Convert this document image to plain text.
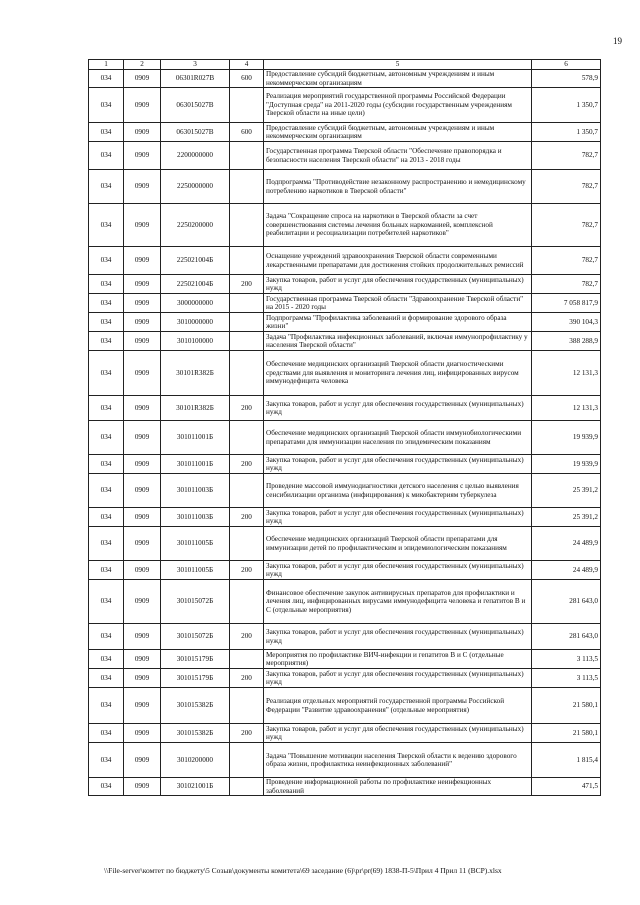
19
1	2	3	4	5	6
034	0909	06301R027В	600	Предоставление субсидий бюджетным, автономным учреждениям и иным некоммерческим организациям	578,9
034	0909	063015027В		Реализация мероприятий государственной программы Российской Федерации "Доступная среда" на 2011-2020 годы (субсидии государственным учреждениям Тверской области на иные цели)	1 350,7
034	0909	063015027В	600	Предоставление субсидий бюджетным, автономным учреждениям и иным некоммерческим организациям	1 350,7
034	0909	2200000000		Государственная программа Тверской области "Обеспечение правопорядка и безопасности населения Тверской области" на 2013 - 2018 годы	782,7
034	0909	2250000000		Подпрограмма "Противодействие незаконному распространению и немедицинскому потреблению наркотиков в Тверской области"	782,7
034	0909	2250200000		Задача "Сокращение спроса на наркотики в Тверской области за счет совершенствования системы лечения больных наркоманией, комплексной реабилитации и ресоциализации потребителей наркотиков"	782,7
034	0909	225021004Б		Оснащение учреждений здравоохранения Тверской области современными лекарственными препаратами для достижения стойких продолжительных ремиссий	782,7
034	0909	225021004Б	200	Закупка товаров, работ и услуг для обеспечения государственных (муниципальных) нужд	782,7
034	0909	3000000000		Государственная программа Тверской области "Здравоохранение Тверской области" на 2015 - 2020 годы	7 058 817,9
034	0909	3010000000		Подпрограмма "Профилактика заболеваний и формирование здорового образа жизни"	390 104,3
034	0909	3010100000		Задача "Профилактика инфекционных заболеваний, включая иммунопрофилактику у населения Тверской области"	388 288,9
034	0909	30101R382Б		Обеспечение медицинских организаций Тверской области диагностическими средствами для выявления и мониторинга лечения лиц, инфицированных вирусом иммунодефицита человека	12 131,3
034	0909	30101R382Б	200	Закупка товаров, работ и услуг для обеспечения государственных (муниципальных) нужд	12 131,3
034	0909	301011001Б		Обеспечение медицинских организаций Тверской области иммунобиологическими препаратами для иммунизации населения по эпидемическим показаниям	19 939,9
034	0909	301011001Б	200	Закупка товаров, работ и услуг для обеспечения государственных (муниципальных) нужд	19 939,9
034	0909	301011003Б		Проведение массовой иммунодиагностики детского населения с целью выявления сенсибилизации организма (инфицирования) к микобактериям туберкулеза	25 391,2
034	0909	301011003Б	200	Закупка товаров, работ и услуг для обеспечения государственных (муниципальных) нужд	25 391,2
034	0909	301011005Б		Обеспечение медицинских организаций Тверской области препаратами для иммунизации детей по профилактическим и эпидемиологическим показаниям	24 489,9
034	0909	301011005Б	200	Закупка товаров, работ и услуг для обеспечения государственных (муниципальных) нужд	24 489,9
034	0909	301015072Б		Финансовое обеспечение закупок антивирусных препаратов для профилактики и лечения лиц, инфицированных вирусами иммунодефицита человека и гепатитов В и С (отдельные мероприятия)	281 643,0
034	0909	301015072Б	200	Закупка товаров, работ и услуг для обеспечения государственных (муниципальных) нужд	281 643,0
034	0909	301015179Б		Мероприятия по профилактике ВИЧ-инфекции и гепатитов В и С (отдельные мероприятия)	3 113,5
034	0909	301015179Б	200	Закупка товаров, работ и услуг для обеспечения государственных (муниципальных) нужд	3 113,5
034	0909	301015382Б		Реализация отдельных мероприятий государственной программы Российской Федерации "Развитие здравоохранения" (отдельные мероприятия)	21 580,1
034	0909	301015382Б	200	Закупка товаров, работ и услуг для обеспечения государственных (муниципальных) нужд	21 580,1
034	0909	3010200000		Задача "Повышение мотивации населения Тверской области к ведению здорового образа жизни, профилактика неинфекционных заболеваний"	1 815,4
034	0909	301021001Б		Проведение информационной работы по профилактике неинфекционных заболеваний	471,5
\\File-server\комтет по бюджету\5 Созыв\документы комитета\69 заседание (6)\pr\pr(69) 1838-П-5\Прил 4 Прил 11 (ВСР).xlsx
